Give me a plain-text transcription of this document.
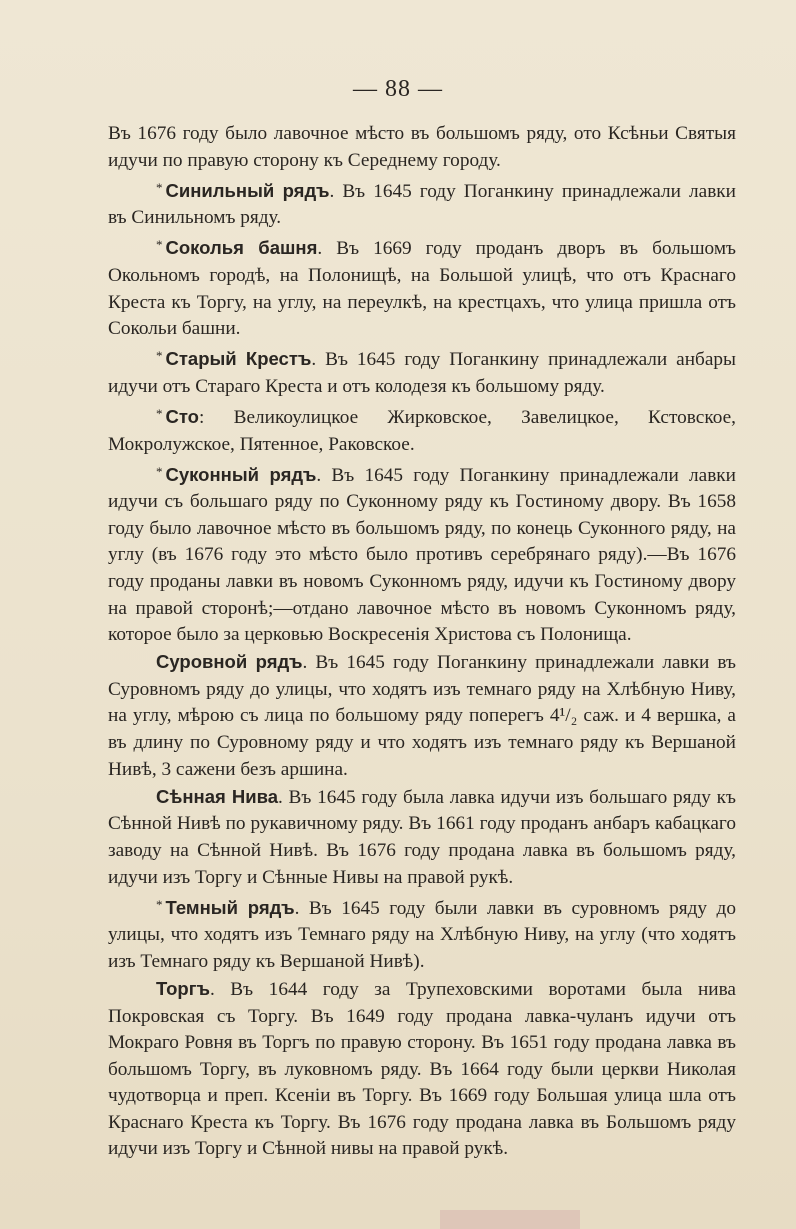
— 88 —

Въ 1676 году было лавочное мѣсто въ большомъ ряду, ото Ксѣньи Святыя идучи по правую сторону къ Середнему городу.

* Синильный рядъ. Въ 1645 году Поганкину принадлежали лавки въ Синильномъ ряду.

* Соколья башня. Въ 1669 году проданъ дворъ въ большомъ Окольномъ городѣ, на Полонищѣ, на Большой улицѣ, что отъ Краснаго Креста къ Торгу, на углу, на переулкѣ, на крестцахъ, что улица пришла отъ Сокольи башни.

* Старый Крестъ. Въ 1645 году Поганкину принадлежали анбары идучи отъ Стараго Креста и отъ колодезя къ большому ряду.

* Сто: Великоулицкое Жирковское, Завелицкое, Кстовское, Мокролужское, Пятенное, Раковское.

* Суконный рядъ. Въ 1645 году Поганкину принадлежали лавки идучи съ большаго ряду по Суконному ряду къ Гостиному двору. Въ 1658 году было лавочное мѣсто въ большомъ ряду, по конець Суконного ряду, на углу (въ 1676 году это мѣсто было противъ серебрянаго ряду).—Въ 1676 году проданы лавки въ новомъ Суконномъ ряду, идучи къ Гостиному двору на правой сторонѣ;—отдано лавочное мѣсто въ новомъ Суконномъ ряду, которое было за церковью Воскресенія Христова съ Полонища.

Суровной рядъ. Въ 1645 году Поганкину принадлежали лавки въ Суровномъ ряду до улицы, что ходятъ изъ темнаго ряду на Хлѣбную Ниву, на углу, мѣрою съ лица по большому ряду поперегъ 4¹/₂ саж. и 4 вершка, а въ длину по Суровному ряду и что ходятъ изъ темнаго ряду къ Вершаной Нивѣ, 3 сажени безъ аршина.

Сѣнная Нива. Въ 1645 году была лавка идучи изъ большаго ряду къ Сѣнной Нивѣ по рукавичному ряду. Въ 1661 году проданъ анбаръ кабацкаго заводу на Сѣнной Нивѣ. Въ 1676 году продана лавка въ большомъ ряду, идучи изъ Торгу и Сѣнные Нивы на правой рукѣ.

* Темный рядъ. Въ 1645 году были лавки въ суровномъ ряду до улицы, что ходятъ изъ Темнаго ряду на Хлѣбную Ниву, на углу (что ходятъ изъ Темнаго ряду къ Вершаной Нивѣ).

Торгъ. Въ 1644 году за Трупеховскими воротами была нива Покровская съ Торгу. Въ 1649 году продана лавка-чуланъ идучи отъ Мокраго Ровня въ Торгъ по правую сторону. Въ 1651 году продана лавка въ большомъ Торгу, въ луковномъ ряду. Въ 1664 году были церкви Николая чудотворца и преп. Ксеніи въ Торгу. Въ 1669 году Большая улица шла отъ Краснаго Креста къ Торгу. Въ 1676 году продана лавка въ Большомъ ряду идучи изъ Торгу и Сѣнной нивы на правой рукѣ.
